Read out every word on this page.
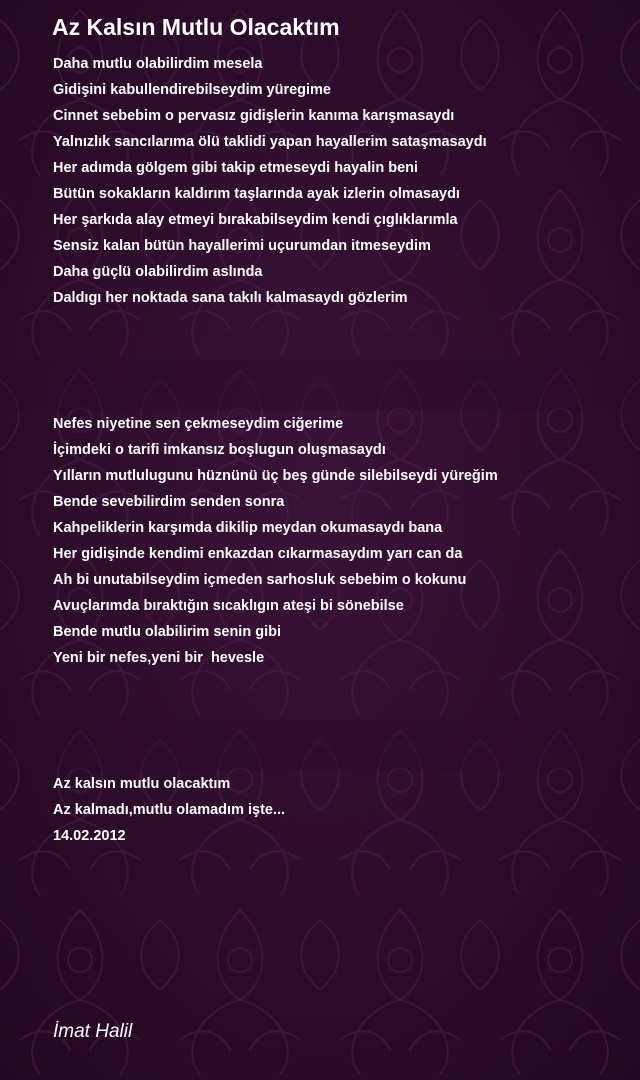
Az Kalsın Mutlu Olacaktım
Daha mutlu olabilirdim mesela
Gidişini kabullendirebilseydim yüregime
Cinnet sebebim o pervasız gidişlerin kanıma karışmasaydı
Yalnızlık sancılarıma ölü taklidi yapan hayallerim sataşmasaydı
Her adımda gölgem gibi takip etmeseydi hayalin beni
Bütün sokakların kaldırım taşlarında ayak izlerin olmasaydı
Her şarkıda alay etmeyi bırakabilseydim kendi çıglıklarımla
Sensiz kalan bütün hayallerimi uçurumdan itmeseydim
Daha güçlü olabilirdim aslında
Daldıgı her noktada sana takılı kalmasaydı gözlerim
Nefes niyetine sen çekmeseydim ciğerime
İçimdeki o tarifi imkansız boşlugun oluşmasaydı
Yılların mutlulugunu hüznünü üç beş günde silebilseydi yüreğim
Bende sevebilirdim senden sonra
Kahpeliklerin karşımda dikilip meydan okumasaydı bana
Her gidişinde kendimi enkazdan cıkarmasaydım yarı can da
Ah bi unutabilseydim içmeden sarhosluk sebebim o kokunu
Avuçlarımda bıraktığın sıcaklıgın ateşi bi sönebilse
Bende mutlu olabilirim senin gibi
Yeni bir nefes,yeni bir  hevesle
Az kalsın mutlu olacaktım
Az kalmadı,mutlu olamadım işte...
14.02.2012
İmat Halil
